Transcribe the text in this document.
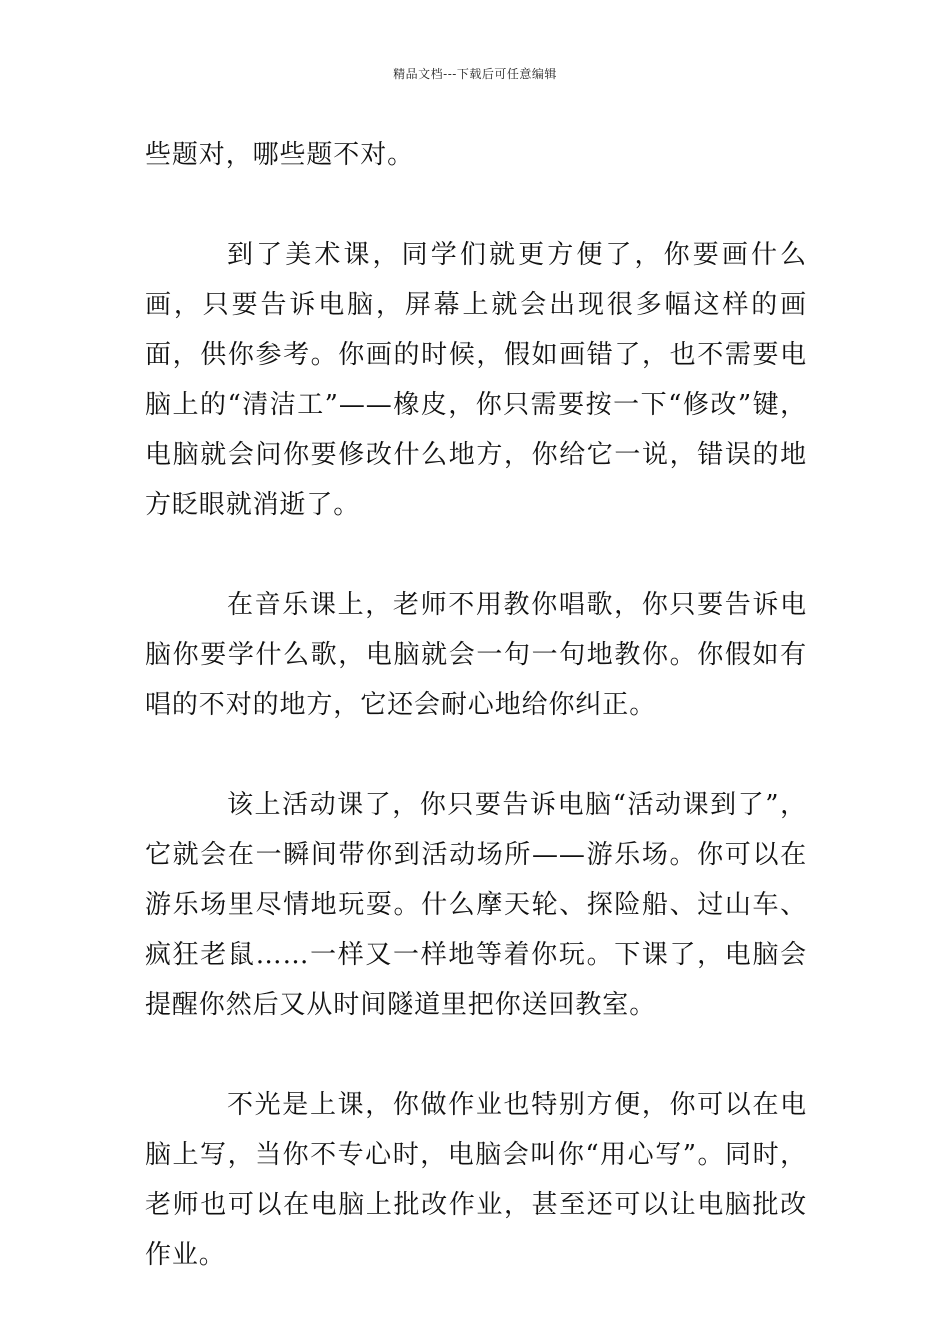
精品文档---下载后可任意编辑

些题对，哪些题不对。

到了美术课，同学们就更方便了，你要画什么画，只要告诉电脑，屏幕上就会出现很多幅这样的画面，供你参考。你画的时候，假如画错了，也不需要电脑上的“清洁工”——橡皮，你只需要按一下“修改”键，电脑就会问你要修改什么地方，你给它一说，错误的地方眨眼就消逝了。

在音乐课上，老师不用教你唱歌，你只要告诉电脑你要学什么歌，电脑就会一句一句地教你。你假如有唱的不对的地方，它还会耐心地给你纠正。

该上活动课了，你只要告诉电脑“活动课到了”，它就会在一瞬间带你到活动场所——游乐场。你可以在游乐场里尽情地玩耍。什么摩天轮、探险船、过山车、疯狂老鼠……一样又一样地等着你玩。下课了，电脑会提醒你然后又从时间隧道里把你送回教室。

不光是上课，你做作业也特别方便，你可以在电脑上写，当你不专心时，电脑会叫你“用心写”。同时，老师也可以在电脑上批改作业，甚至还可以让电脑批改作业。
